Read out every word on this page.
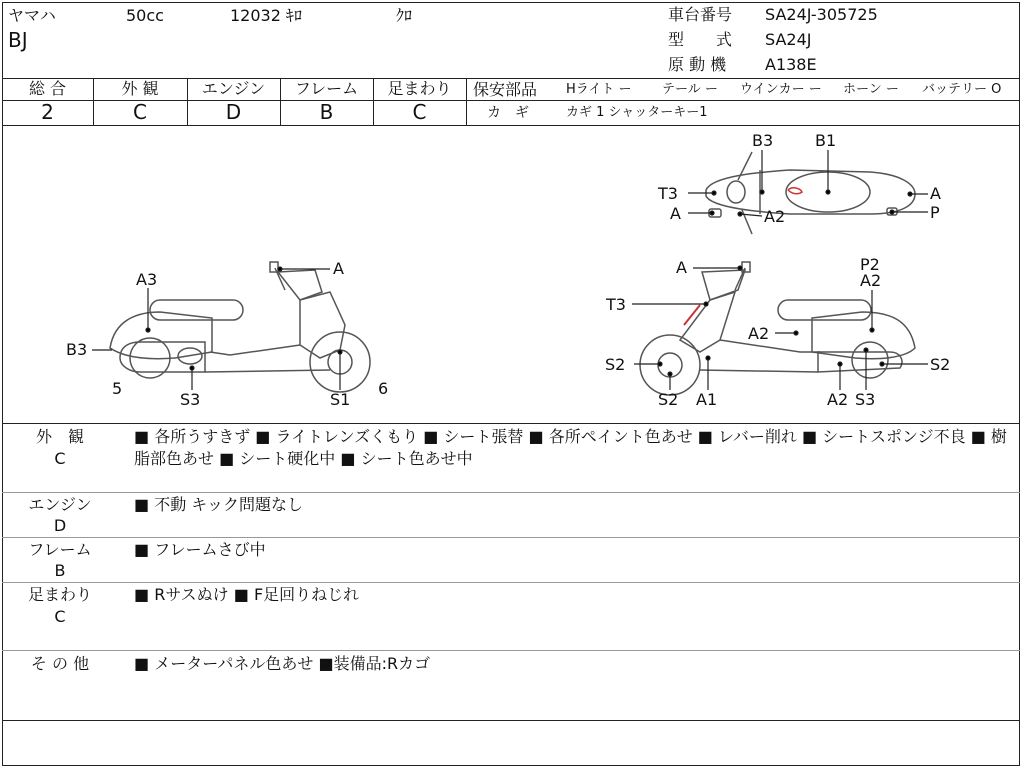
ヤマハ	50cc	12032 ｷﾛ	ｸﾛ
BJ
車台番号 SA24J-305725
型　　式 SA24J
原 動 機 A138E
総 合	外 観	エンジン	フレーム	足まわり
2	C	D	B	C
保安部品 Hライト ー テール ー ウインカー ー ホーン ー バッテリー O
カ　ギ	カギ 1 シャッターキー1
B3	B1
T3	A
A	A2	P
A
A3
B3
5
S3	S1
6
A	P2
A2
T3
A2
S2	S2
S2 A1	A2 S3
外　観
C
■ 各所うすきず ■ ライトレンズくもり ■ シート張替 ■ 各所ペイント色あせ ■ レバー削れ ■ シートスポンジ不良 ■ 樹脂部色あせ ■ シート硬化中 ■ シート色あせ中
エンジン
D
■ 不動 キック問題なし
フレーム
B
■ フレームさび中
足まわり
C
■ Rサスぬけ ■ F足回りねじれ
そ の 他	■ メーターパネル色あせ ■装備品:Rカゴ
